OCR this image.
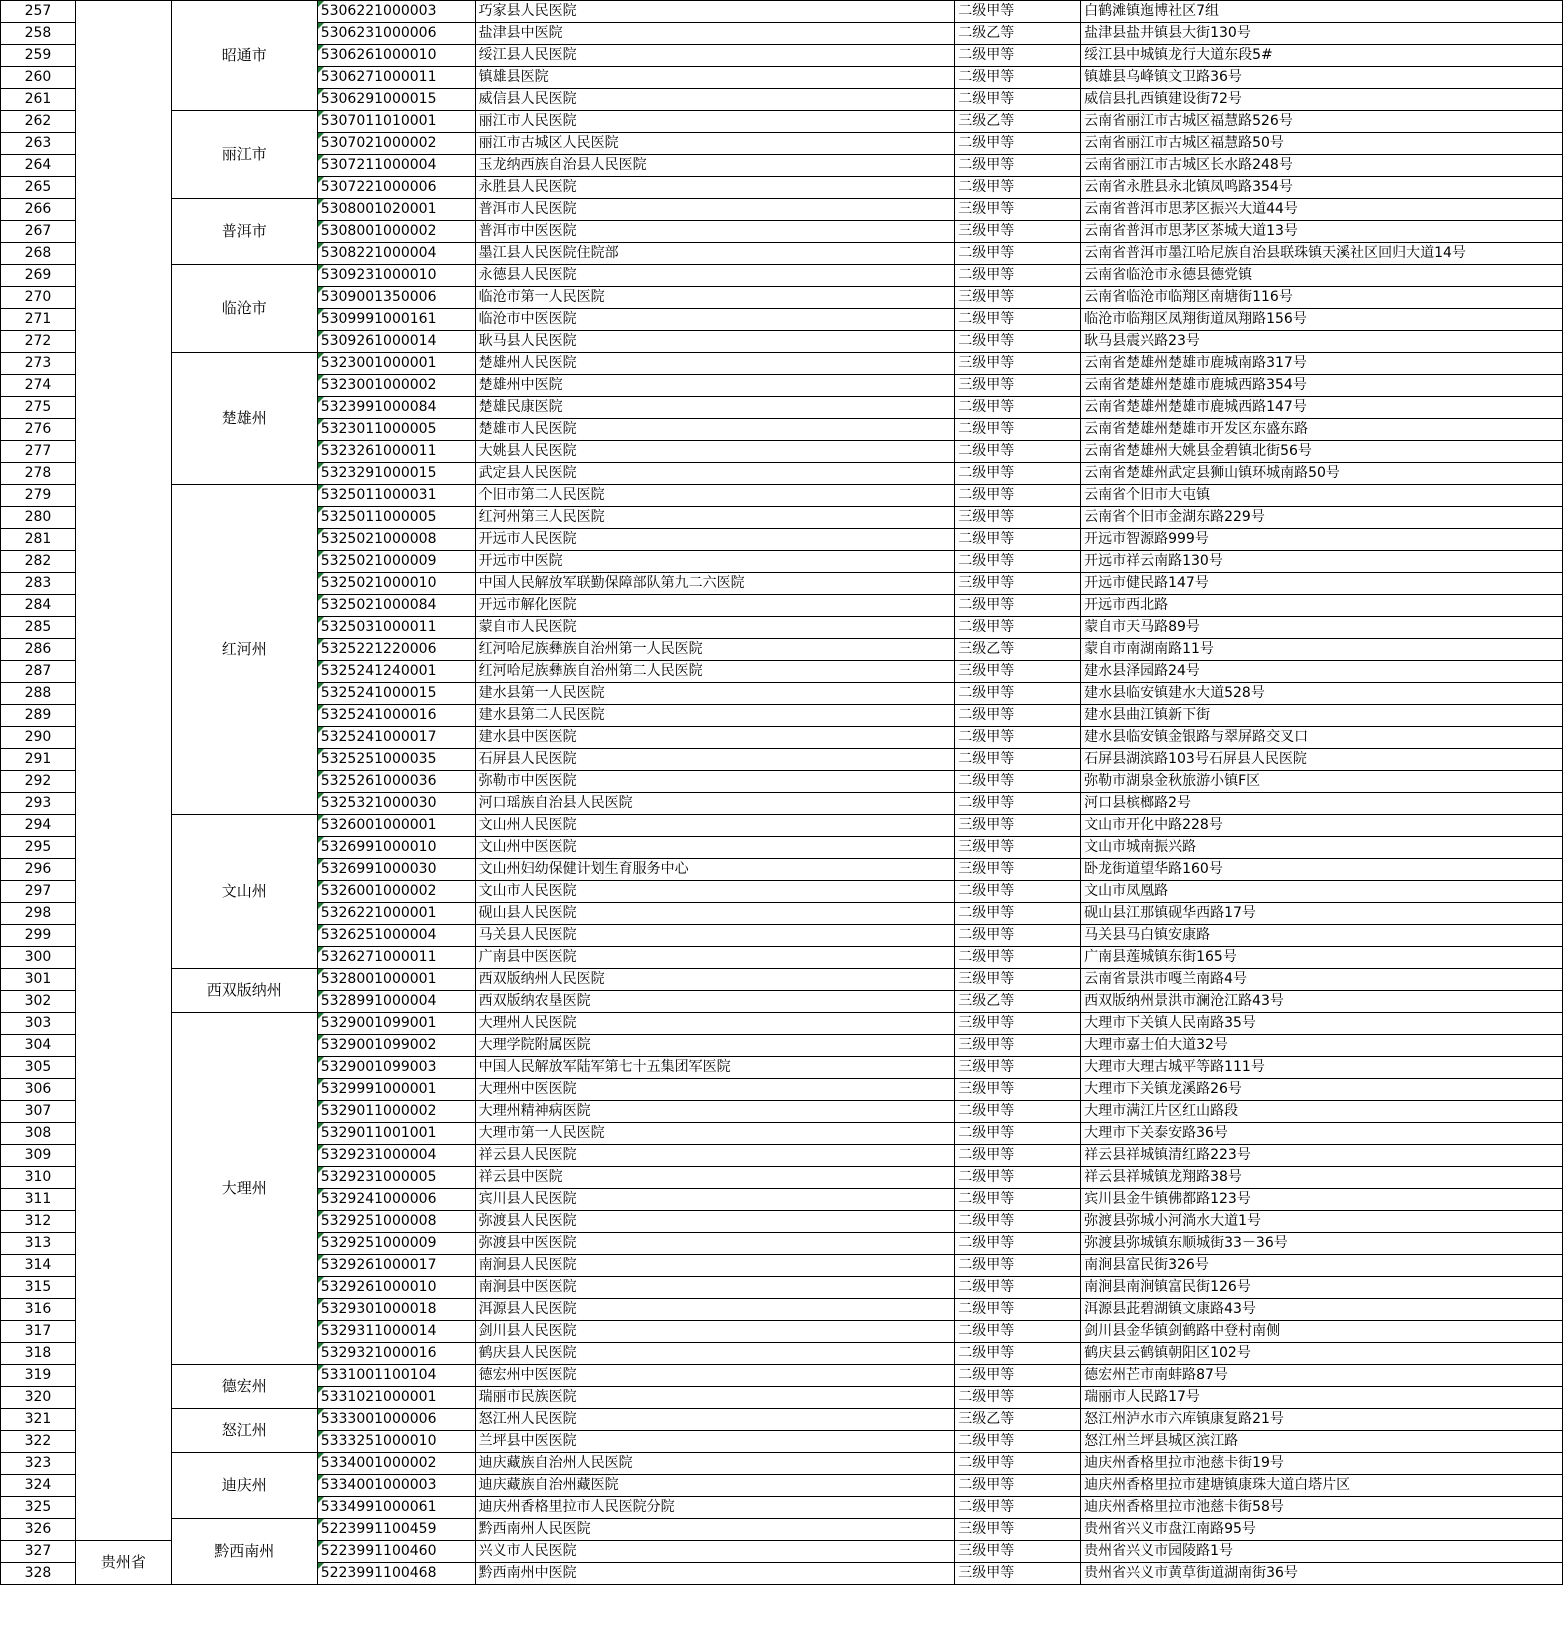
257		昭通市	5306221000003	巧家县人民医院	二级甲等	白鹤滩镇迤博社区7组
258			5306231000006	盐津县中医院	二级乙等	盐津县盐井镇县大街130号
259			5306261000010	绥江县人民医院	二级甲等	绥江县中城镇龙行大道东段5#
260			5306271000011	镇雄县医院	二级甲等	镇雄县乌峰镇文卫路36号
261			5306291000015	威信县人民医院	二级甲等	威信县扎西镇建设街72号
262		丽江市	5307011010001	丽江市人民医院	三级乙等	云南省丽江市古城区福慧路526号
263			5307021000002	丽江市古城区人民医院	二级甲等	云南省丽江市古城区福慧路50号
264			5307211000004	玉龙纳西族自治县人民医院	二级甲等	云南省丽江市古城区长水路248号
265			5307221000006	永胜县人民医院	二级甲等	云南省永胜县永北镇凤鸣路354号
266		普洱市	5308001020001	普洱市人民医院	三级甲等	云南省普洱市思茅区振兴大道44号
267			5308001000002	普洱市中医医院	三级甲等	云南省普洱市思茅区茶城大道13号
268			5308221000004	墨江县人民医院住院部	二级甲等	云南省普洱市墨江哈尼族自治县联珠镇天溪社区回归大道14号
269		临沧市	5309231000010	永德县人民医院	二级甲等	云南省临沧市永德县德党镇
270			5309001350006	临沧市第一人民医院	三级甲等	云南省临沧市临翔区南塘街116号
271			5309991000161	临沧市中医医院	二级甲等	临沧市临翔区凤翔街道凤翔路156号
272			5309261000014	耿马县人民医院	二级甲等	耿马县震兴路23号
273		楚雄州	5323001000001	楚雄州人民医院	三级甲等	云南省楚雄州楚雄市鹿城南路317号
274			5323001000002	楚雄州中医院	三级甲等	云南省楚雄州楚雄市鹿城西路354号
275			5323991000084	楚雄民康医院	二级甲等	云南省楚雄州楚雄市鹿城西路147号
276			5323011000005	楚雄市人民医院	二级甲等	云南省楚雄州楚雄市开发区东盛东路
277			5323261000011	大姚县人民医院	二级甲等	云南省楚雄州大姚县金碧镇北街56号
278			5323291000015	武定县人民医院	二级甲等	云南省楚雄州武定县狮山镇环城南路50号
279		红河州	5325011000031	个旧市第二人民医院	二级甲等	云南省个旧市大屯镇
280			5325011000005	红河州第三人民医院	三级甲等	云南省个旧市金湖东路229号
281			5325021000008	开远市人民医院	二级甲等	开远市智源路999号
282			5325021000009	开远市中医院	二级甲等	开远市祥云南路130号
283			5325021000010	中国人民解放军联勤保障部队第九二六医院	三级甲等	开远市健民路147号
284			5325021000084	开远市解化医院	二级甲等	开远市西北路
285			5325031000011	蒙自市人民医院	二级甲等	蒙自市天马路89号
286			5325221220006	红河哈尼族彝族自治州第一人民医院	三级乙等	蒙自市南湖南路11号
287			5325241240001	红河哈尼族彝族自治州第二人民医院	三级甲等	建水县泽园路24号
288			5325241000015	建水县第一人民医院	二级甲等	建水县临安镇建水大道528号
289			5325241000016	建水县第二人民医院	二级甲等	建水县曲江镇新下街
290			5325241000017	建水县中医医院	二级甲等	建水县临安镇金银路与翠屏路交叉口
291			5325251000035	石屏县人民医院	二级甲等	石屏县湖滨路103号石屏县人民医院
292			5325261000036	弥勒市中医医院	二级甲等	弥勒市湖泉金秋旅游小镇F区
293			5325321000030	河口瑶族自治县人民医院	二级甲等	河口县槟榔路2号
294		文山州	5326001000001	文山州人民医院	三级甲等	文山市开化中路228号
295			5326991000010	文山州中医医院	三级甲等	文山市城南振兴路
296			5326991000030	文山州妇幼保健计划生育服务中心	三级甲等	卧龙街道望华路160号
297			5326001000002	文山市人民医院	二级甲等	文山市凤凰路
298			5326221000001	砚山县人民医院	二级甲等	砚山县江那镇砚华西路17号
299			5326251000004	马关县人民医院	二级甲等	马关县马白镇安康路
300			5326271000011	广南县中医医院	二级甲等	广南县莲城镇东街165号
301		西双版纳州	5328001000001	西双版纳州人民医院	三级甲等	云南省景洪市嘎兰南路4号
302			5328991000004	西双版纳农垦医院	三级乙等	西双版纳州景洪市澜沧江路43号
303		大理州	5329001099001	大理州人民医院	三级甲等	大理市下关镇人民南路35号
304			5329001099002	大理学院附属医院	三级甲等	大理市嘉士伯大道32号
305			5329001099003	中国人民解放军陆军第七十五集团军医院	三级甲等	大理市大理古城平等路111号
306			5329991000001	大理州中医医院	三级甲等	大理市下关镇龙溪路26号
307			5329011000002	大理州精神病医院	二级甲等	大理市满江片区红山路段
308			5329011001001	大理市第一人民医院	二级甲等	大理市下关泰安路36号
309			5329231000004	祥云县人民医院	二级甲等	祥云县祥城镇清红路223号
310			5329231000005	祥云县中医院	二级甲等	祥云县祥城镇龙翔路38号
311			5329241000006	宾川县人民医院	二级甲等	宾川县金牛镇佛都路123号
312			5329251000008	弥渡县人民医院	二级甲等	弥渡县弥城小河淌水大道1号
313			5329251000009	弥渡县中医医院	二级甲等	弥渡县弥城镇东顺城街33－36号
314			5329261000017	南涧县人民医院	二级甲等	南涧县富民街326号
315			5329261000010	南涧县中医医院	二级甲等	南涧县南涧镇富民街126号
316			5329301000018	洱源县人民医院	二级甲等	洱源县茈碧湖镇文康路43号
317			5329311000014	剑川县人民医院	二级甲等	剑川县金华镇剑鹤路中登村南侧
318			5329321000016	鹤庆县人民医院	二级甲等	鹤庆县云鹤镇朝阳区102号
319		德宏州	5331001100104	德宏州中医医院	二级甲等	德宏州芒市南蚌路87号
320			5331021000001	瑞丽市民族医院	二级甲等	瑞丽市人民路17号
321		怒江州	5333001000006	怒江州人民医院	三级乙等	怒江州泸水市六库镇康复路21号
322			5333251000010	兰坪县中医医院	二级甲等	怒江州兰坪县城区滨江路
323		迪庆州	5334001000002	迪庆藏族自治州人民医院	二级甲等	迪庆州香格里拉市池慈卡街19号
324			5334001000003	迪庆藏族自治州藏医院	二级甲等	迪庆州香格里拉市建塘镇康珠大道白塔片区
325			5334991000061	迪庆州香格里拉市人民医院分院	二级甲等	迪庆州香格里拉市池慈卡街58号
326		黔西南州	5223991100459	黔西南州人民医院	三级甲等	贵州省兴义市盘江南路95号
327	贵州省		5223991100460	兴义市人民医院	三级甲等	贵州省兴义市园陵路1号
328			5223991100468	黔西南州中医院	三级甲等	贵州省兴义市黄草街道湖南街36号
